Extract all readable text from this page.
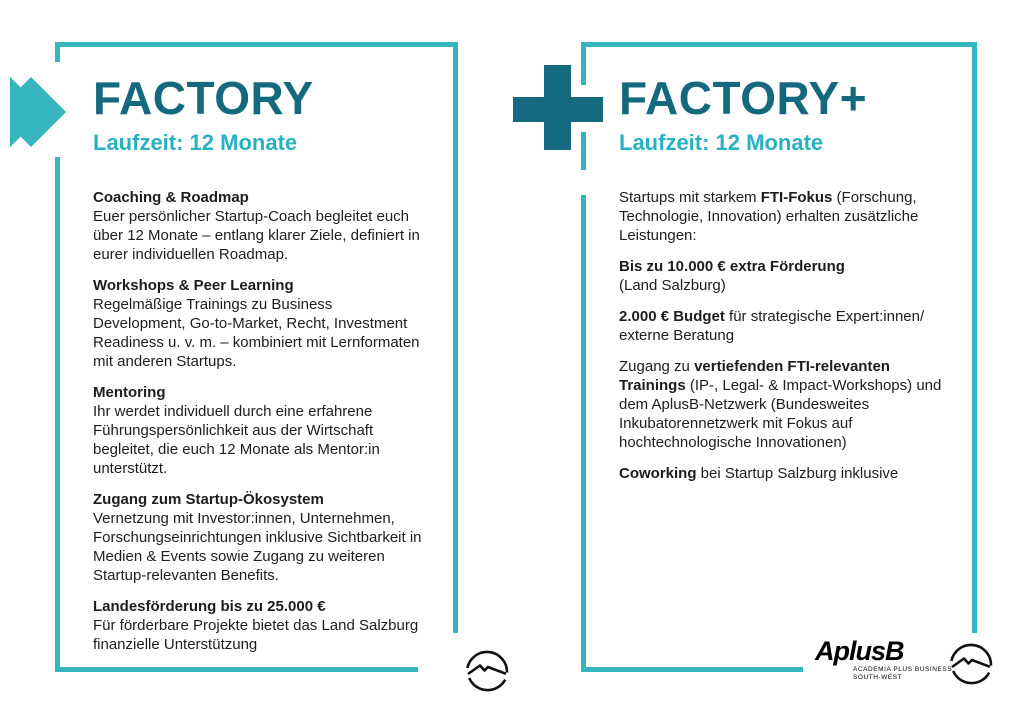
FACTORY
Laufzeit: 12 Monate
Coaching & Roadmap
Euer persönlicher Startup-Coach begleitet euch über 12 Monate – entlang klarer Ziele, definiert in eurer individuellen Roadmap.
Workshops & Peer Learning
Regelmäßige Trainings zu Business Development, Go-to-Market, Recht, Investment Readiness u. v. m. – kombiniert mit Lernformaten mit anderen Startups.
Mentoring
Ihr werdet individuell durch eine erfahrene Führungspersönlichkeit aus der Wirtschaft begleitet, die euch 12 Monate als Mentor:in unterstützt.
Zugang zum Startup-Ökosystem
Vernetzung mit Investor:innen, Unternehmen, Forschungseinrichtungen inklusive Sichtbarkeit in Medien & Events sowie Zugang zu weiteren Startup-relevanten Benefits.
Landesförderung bis zu 25.000 €
Für förderbare Projekte bietet das Land Salzburg finanzielle Unterstützung
FACTORY+
Laufzeit: 12 Monate

Startups mit starkem FTI-Fokus (Forschung, Technologie, Innovation) erhalten zusätzliche Leistungen:

Bis zu 10.000 € extra Förderung
(Land Salzburg)

2.000 € Budget für strategische Expert:innen/ externe Beratung

Zugang zu vertiefenden FTI-relevanten Trainings (IP-, Legal- & Impact-Workshops) und dem AplusB-Netzwerk (Bundesweites Inkubatorennetzwerk mit Fokus auf hochtechnologische Innovationen)

Coworking bei Startup Salzburg inklusive

AplusB
ACADEMIA PLUS BUSINESS
SOUTH-WEST
